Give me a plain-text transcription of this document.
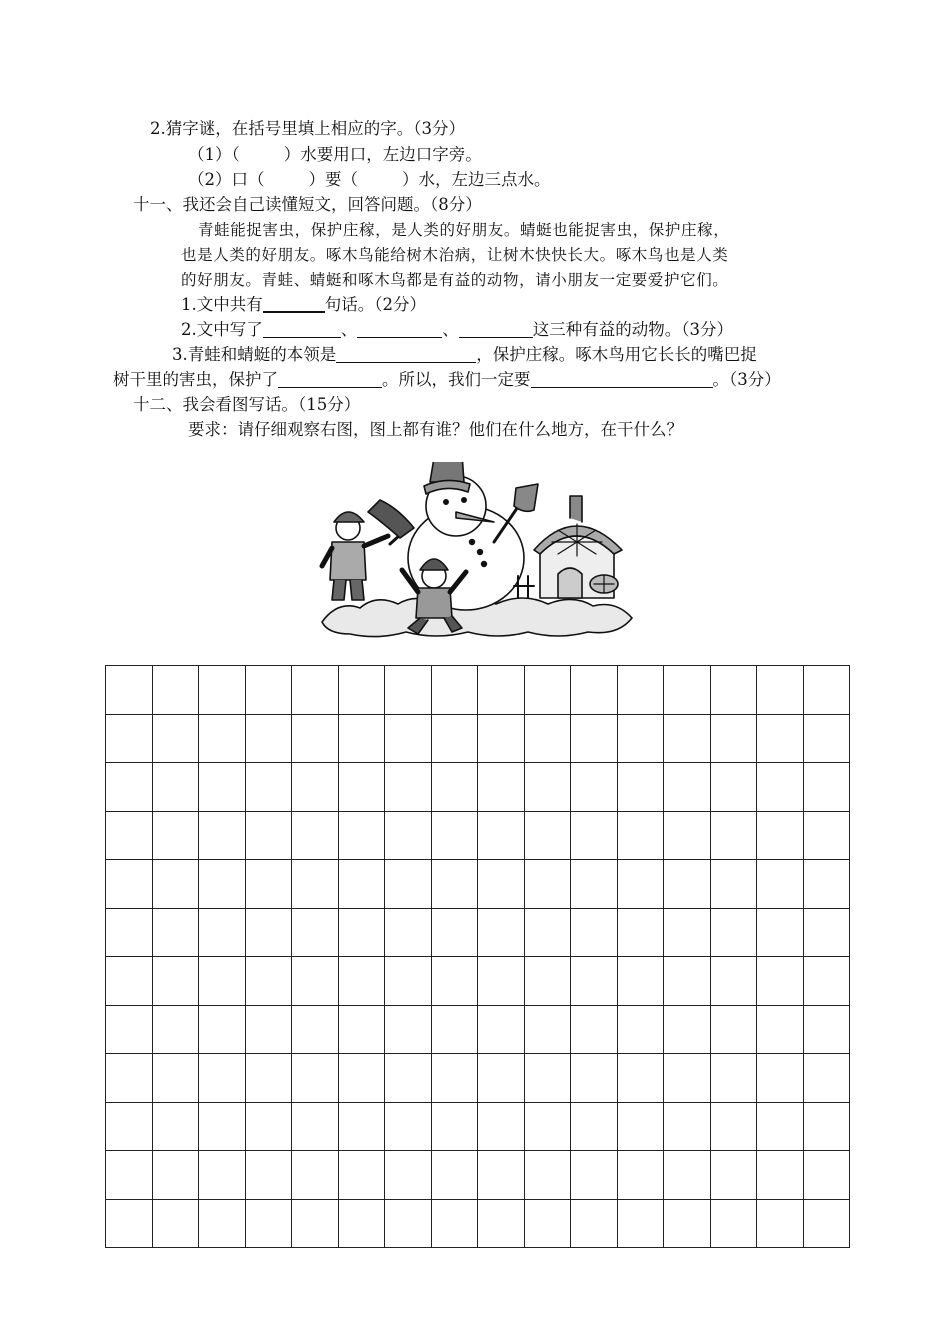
2.猜字谜，在括号里填上相应的字。（3分）
（1）（	）水要用口，左边口字旁。
（2）口（	）要（	）水，左边三点水。
十一、我还会自己读懂短文，回答问题。（8分）
青蛙能捉害虫，保护庄稼，是人类的好朋友。蜻蜓也能捉害虫，保护庄稼，
也是人类的好朋友。啄木鸟能给树木治病，让树木快快长大。啄木鸟也是人类
的好朋友。青蛙、蜻蜓和啄木鸟都是有益的动物，请小朋友一定要爱护它们。
1.文中共有	句话。（2分）
2.文中写了	、	、	这三种有益的动物。（3分）
3.青蛙和蜻蜓的本领是	，保护庄稼。啄木鸟用它长长的嘴巴捉
树干里的害虫，保护了	。所以，我们一定要	。（3分）
十二、我会看图写话。（15分）
要求：请仔细观察右图，图上都有谁？他们在什么地方，在干什么？
